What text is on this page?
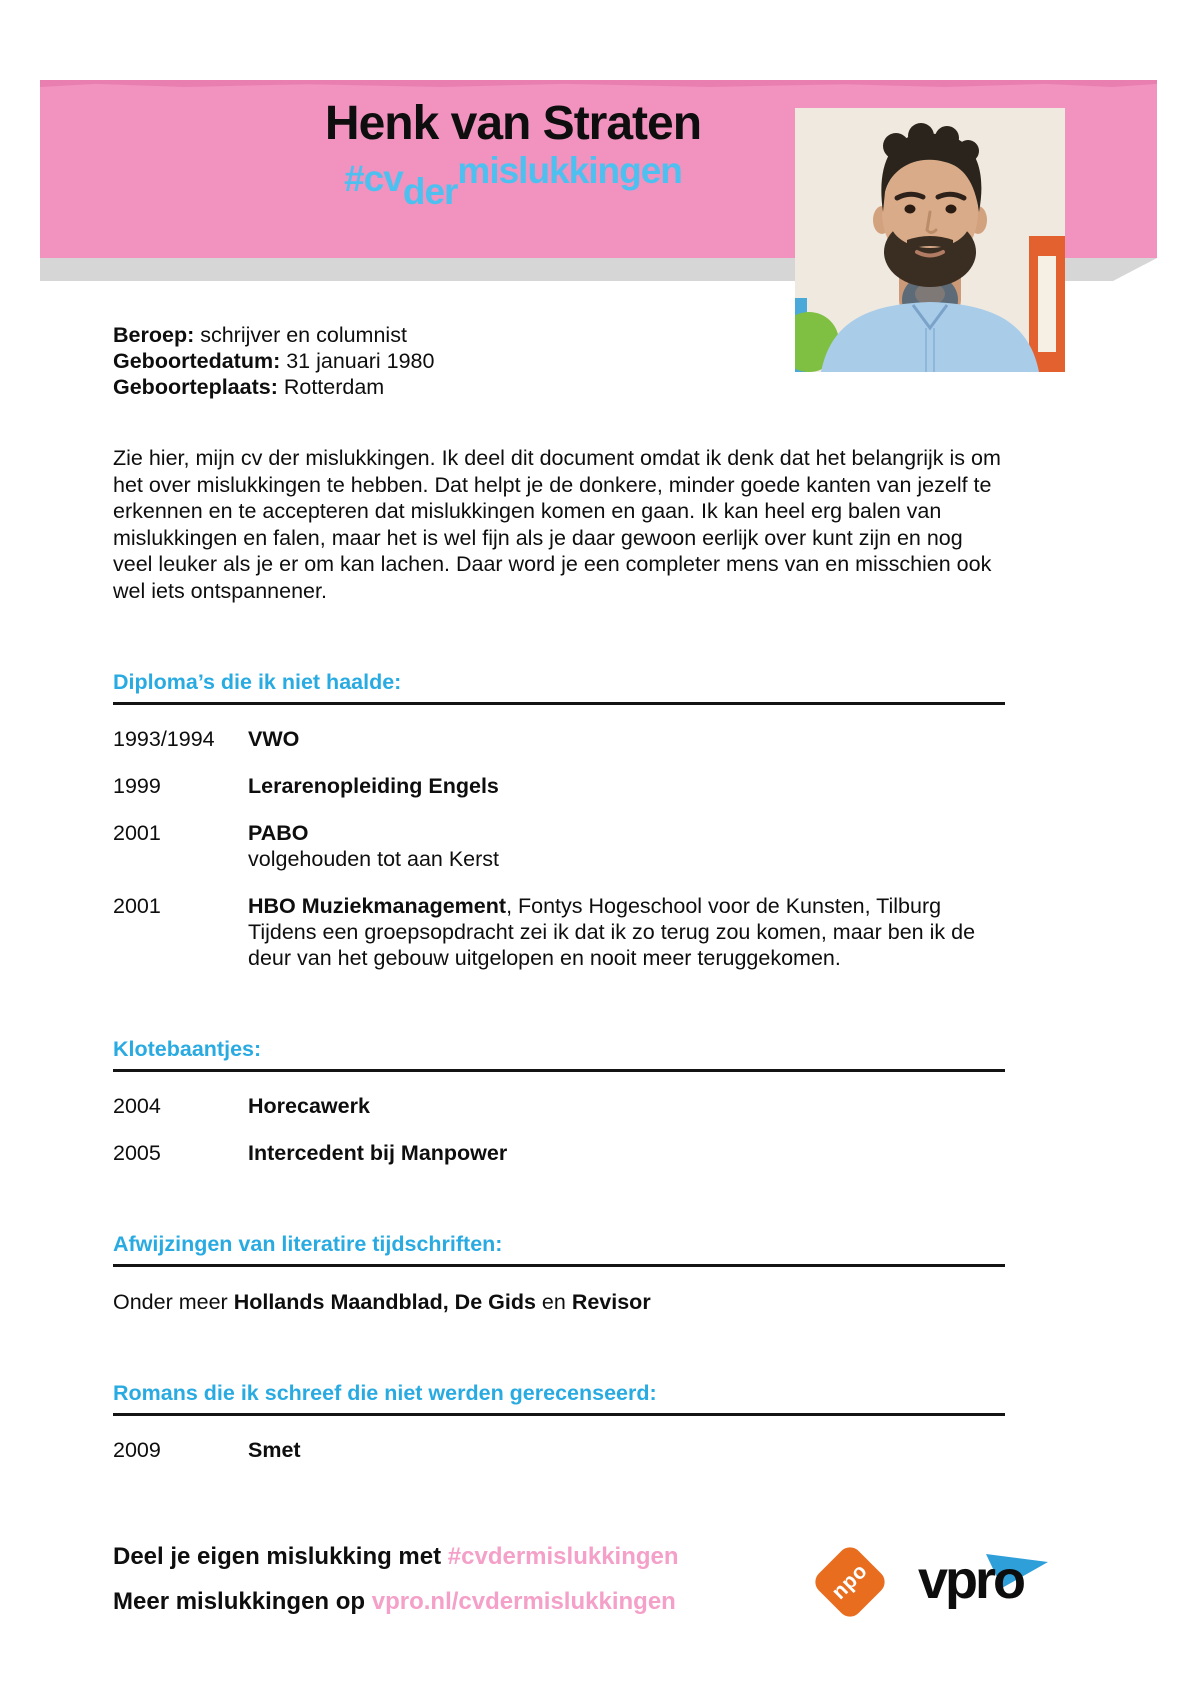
Henk van Straten
#cvdermislukkingen
Beroep: schrijver en columnist
Geboortedatum: 31 januari 1980
Geboorteplaats: Rotterdam

Zie hier, mijn cv der mislukkingen. Ik deel dit document omdat ik denk dat het belangrijk is om het over mislukkingen te hebben. Dat helpt je de donkere, minder goede kanten van jezelf te erkennen en te accepteren dat mislukkingen komen en gaan. Ik kan heel erg balen van mislukkingen en falen, maar het is wel fijn als je daar gewoon eerlijk over kunt zijn en nog veel leuker als je er om kan lachen. Daar word je een completer mens van en misschien ook wel iets ontspannener.

Diploma’s die ik niet haalde:
1993/1994	VWO
1999	Lerarenopleiding Engels
2001	PABO
volgehouden tot aan Kerst
2001	HBO Muziekmanagement, Fontys Hogeschool voor de Kunsten, Tilburg
Tijdens een groepsopdracht zei ik dat ik zo terug zou komen, maar ben ik de deur van het gebouw uitgelopen en nooit meer teruggekomen.
Klotebaantjes:
2004	Horecawerk
2005	Intercedent bij Manpower
Afwijzingen van literatire tijdschriften:

Onder meer Hollands Maandblad, De Gids en Revisor

Romans die ik schreef die niet werden gerecenseerd:
2009	Smet
Deel je eigen mislukking met #cvdermislukkingen
Meer mislukkingen op vpro.nl/cvdermislukkingen	npo vpro
